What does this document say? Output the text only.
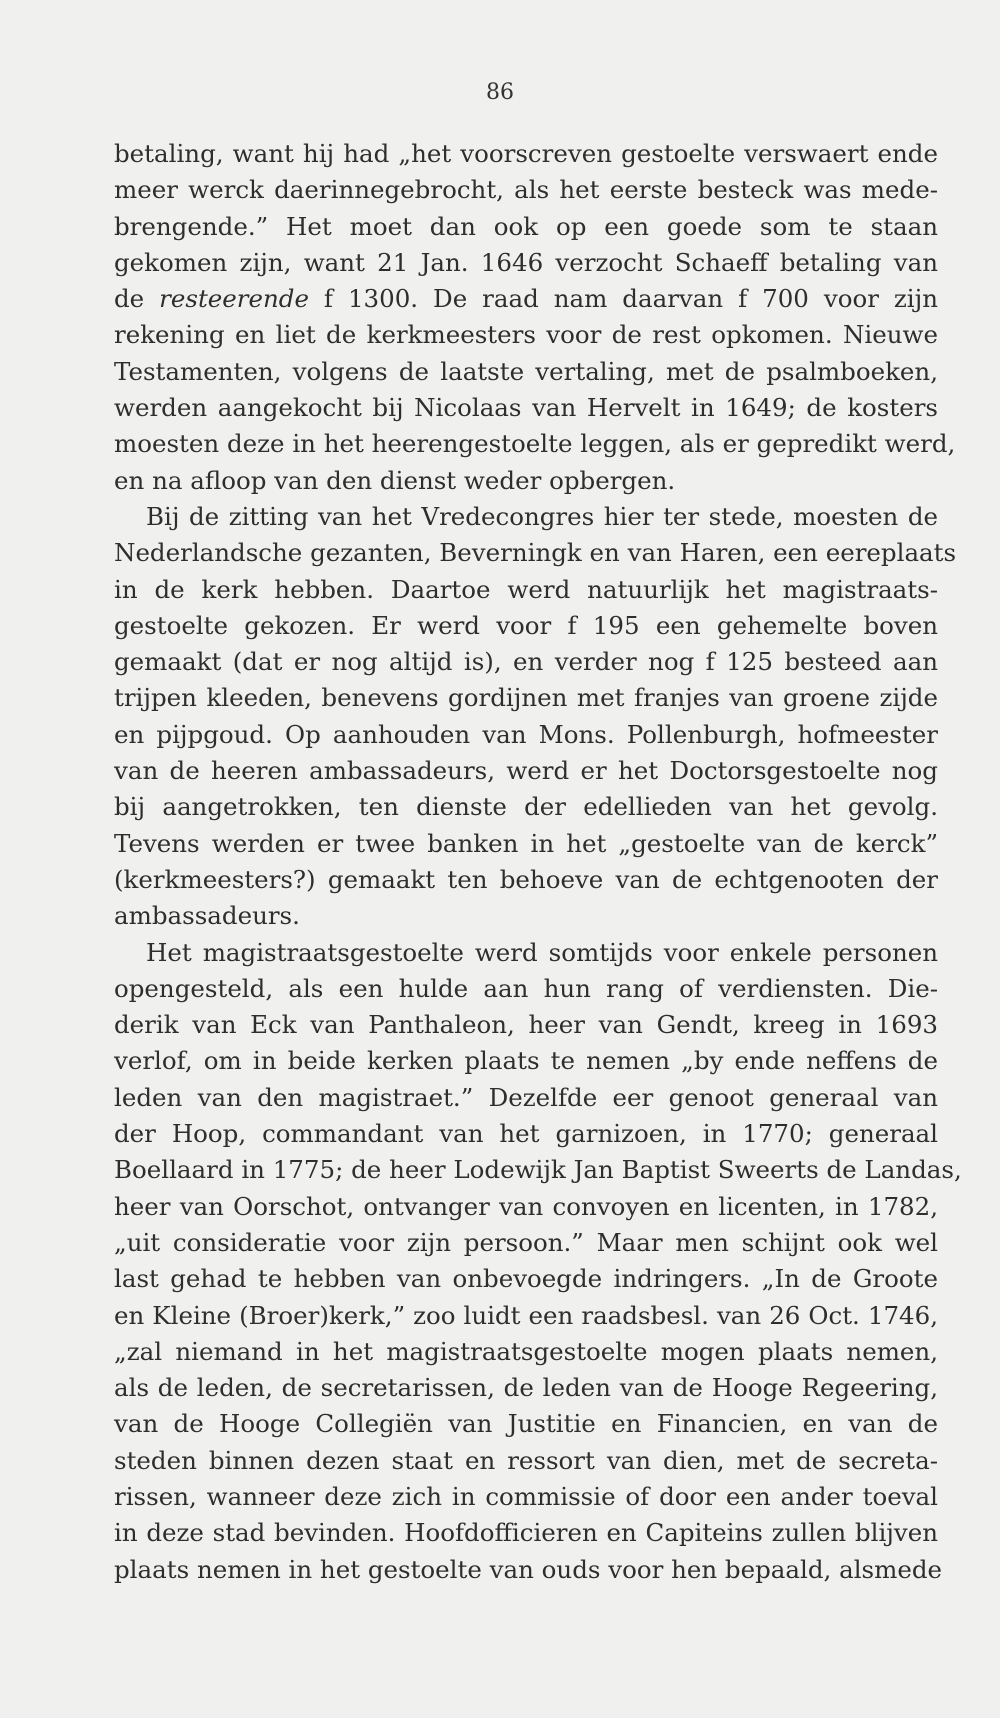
86
betaling, want hij had „het voorscreven gestoelte verswaert ende
meer werck daerinnegebrocht, als het eerste besteck was mede-
brengende.” Het moet dan ook op een goede som te staan
gekomen zijn, want 21 Jan. 1646 verzocht Schaeff betaling van
de resteerende f 1300. De raad nam daarvan f 700 voor zijn
rekening en liet de kerkmeesters voor de rest opkomen. Nieuwe
Testamenten, volgens de laatste vertaling, met de psalmboeken,
werden aangekocht bij Nicolaas van Hervelt in 1649; de kosters
moesten deze in het heerengestoelte leggen, als er gepredikt werd,
en na afloop van den dienst weder opbergen.
Bij de zitting van het Vredecongres hier ter stede, moesten de
Nederlandsche gezanten, Beverningk en van Haren, een eereplaats
in de kerk hebben. Daartoe werd natuurlijk het magistraats-
gestoelte gekozen. Er werd voor f 195 een gehemelte boven
gemaakt (dat er nog altijd is), en verder nog f 125 besteed aan
trijpen kleeden, benevens gordijnen met franjes van groene zijde
en pijpgoud. Op aanhouden van Mons. Pollenburgh, hofmeester
van de heeren ambassadeurs, werd er het Doctorsgestoelte nog
bij aangetrokken, ten dienste der edellieden van het gevolg.
Tevens werden er twee banken in het „gestoelte van de kerck”
(kerkmeesters?) gemaakt ten behoeve van de echtgenooten der
ambassadeurs.
Het magistraatsgestoelte werd somtijds voor enkele personen
opengesteld, als een hulde aan hun rang of verdiensten. Die-
derik van Eck van Panthaleon, heer van Gendt, kreeg in 1693
verlof, om in beide kerken plaats te nemen „by ende neffens de
leden van den magistraet.” Dezelfde eer genoot generaal van
der Hoop, commandant van het garnizoen, in 1770; generaal
Boellaard in 1775; de heer Lodewijk Jan Baptist Sweerts de Landas,
heer van Oorschot, ontvanger van convoyen en licenten, in 1782,
„uit consideratie voor zijn persoon.” Maar men schijnt ook wel
last gehad te hebben van onbevoegde indringers. „In de Groote
en Kleine (Broer)kerk,” zoo luidt een raadsbesl. van 26 Oct. 1746,
„zal niemand in het magistraatsgestoelte mogen plaats nemen,
als de leden, de secretarissen, de leden van de Hooge Regeering,
van de Hooge Collegiën van Justitie en Financien, en van de
steden binnen dezen staat en ressort van dien, met de secreta-
rissen, wanneer deze zich in commissie of door een ander toeval
in deze stad bevinden. Hoofdofficieren en Capiteins zullen blijven
plaats nemen in het gestoelte van ouds voor hen bepaald, alsmede
